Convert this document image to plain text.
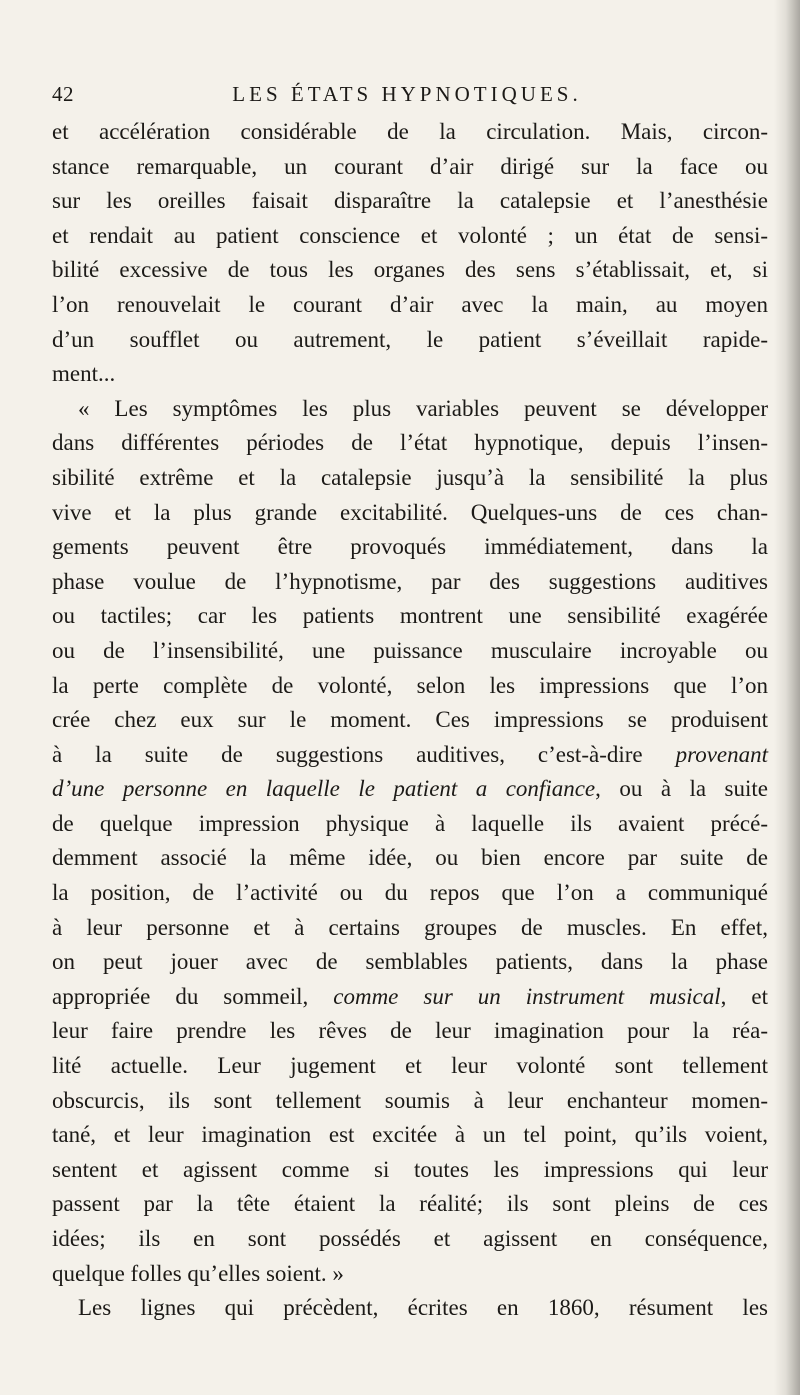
LES ÉTATS HYPNOTIQUES.
42
et accélération considérable de la circulation. Mais, circon-
stance remarquable, un courant d’air dirigé sur la face ou
sur les oreilles faisait disparaître la catalepsie et l’anesthésie
et rendait au patient conscience et volonté ; un état de sensi-
bilité excessive de tous les organes des sens s’établissait, et, si
l’on renouvelait le courant d’air avec la main, au moyen
d’un soufflet ou autrement, le patient s’éveillait rapide-
ment...
« Les symptômes les plus variables peuvent se développer
dans différentes périodes de l’état hypnotique, depuis l’insen-
sibilité extrême et la catalepsie jusqu’à la sensibilité la plus
vive et la plus grande excitabilité. Quelques-uns de ces chan-
gements peuvent être provoqués immédiatement, dans la
phase voulue de l’hypnotisme, par des suggestions auditives
ou tactiles; car les patients montrent une sensibilité exagérée
ou de l’insensibilité, une puissance musculaire incroyable ou
la perte complète de volonté, selon les impressions que l’on
crée chez eux sur le moment. Ces impressions se produisent
à la suite de suggestions auditives, c’est-à-dire provenant
d’une personne en laquelle le patient a confiance, ou à la suite
de quelque impression physique à laquelle ils avaient précé-
demment associé la même idée, ou bien encore par suite de
la position, de l’activité ou du repos que l’on a communiqué
à leur personne et à certains groupes de muscles. En effet,
on peut jouer avec de semblables patients, dans la phase
appropriée du sommeil, comme sur un instrument musical, et
leur faire prendre les rêves de leur imagination pour la réa-
lité actuelle. Leur jugement et leur volonté sont tellement
obscurcis, ils sont tellement soumis à leur enchanteur momen-
tané, et leur imagination est excitée à un tel point, qu’ils voient,
sentent et agissent comme si toutes les impressions qui leur
passent par la tête étaient la réalité; ils sont pleins de ces
idées; ils en sont possédés et agissent en conséquence,
quelque folles qu’elles soient. »
Les lignes qui précèdent, écrites en 1860, résument les
